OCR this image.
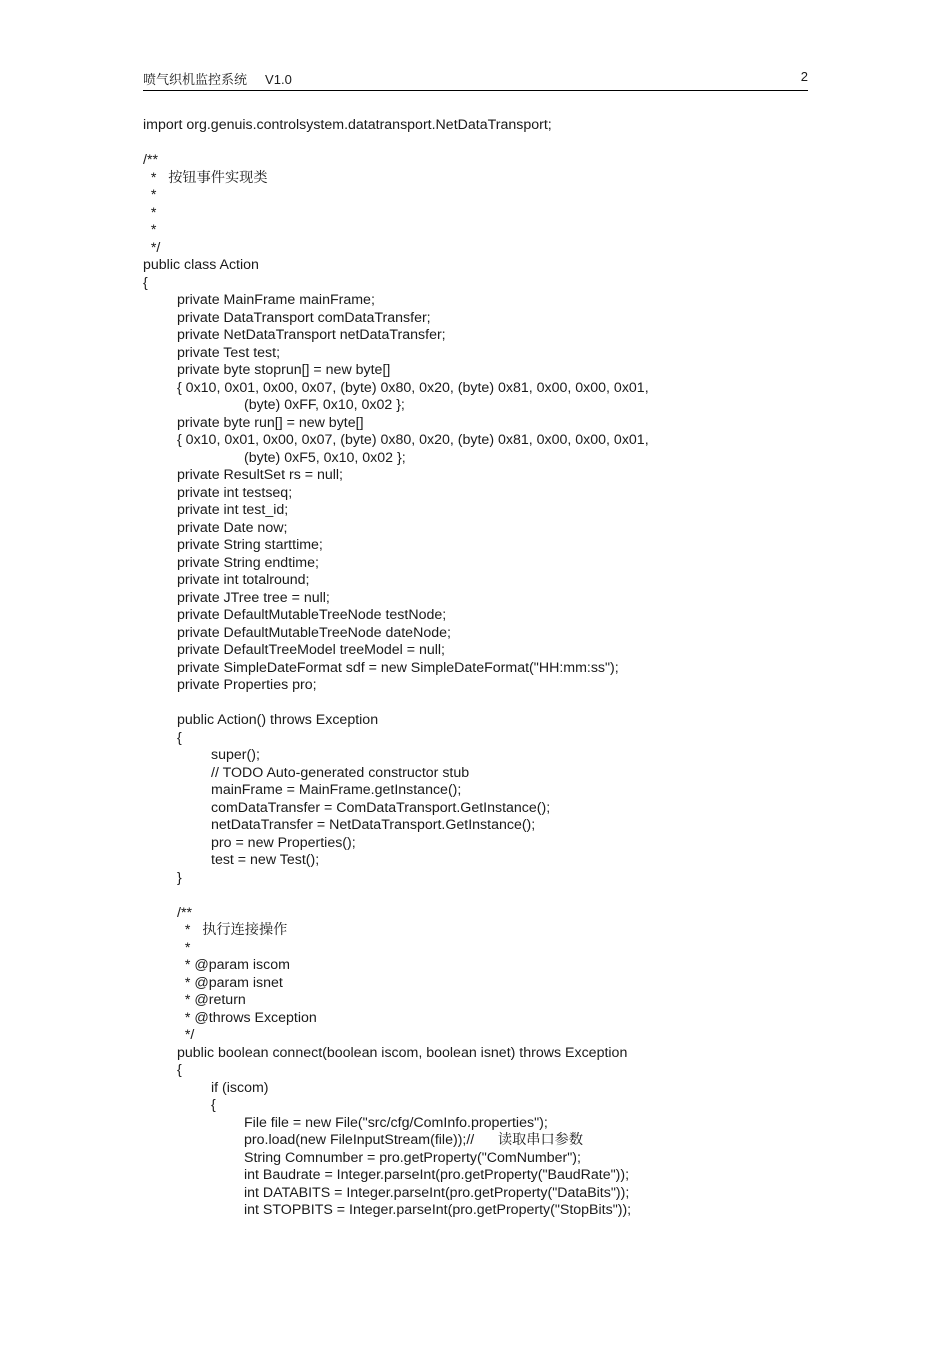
喷气织机监控系统     V1.0	2
import org.genuis.controlsystem.datatransport.NetDataTransport;
/**
*   按钮事件实现类
*
*
*
*/
public class Action
{
private MainFrame mainFrame;
private DataTransport comDataTransfer;
private NetDataTransport netDataTransfer;
private Test test;
private byte stoprun[] = new byte[]
{ 0x10, 0x01, 0x00, 0x07, (byte) 0x80, 0x20, (byte) 0x81, 0x00, 0x00, 0x01,
(byte) 0xFF, 0x10, 0x02 };
private byte run[] = new byte[]
{ 0x10, 0x01, 0x00, 0x07, (byte) 0x80, 0x20, (byte) 0x81, 0x00, 0x00, 0x01,
(byte) 0xF5, 0x10, 0x02 };
private ResultSet rs = null;
private int testseq;
private int test_id;
private Date now;
private String starttime;
private String endtime;
private int totalround;
private JTree tree = null;
private DefaultMutableTreeNode testNode;
private DefaultMutableTreeNode dateNode;
private DefaultTreeModel treeModel = null;
private SimpleDateFormat sdf = new SimpleDateFormat("HH:mm:ss");
private Properties pro;
public Action() throws Exception
{
super();
// TODO Auto-generated constructor stub
mainFrame = MainFrame.getInstance();
comDataTransfer = ComDataTransport.GetInstance();
netDataTransfer = NetDataTransport.GetInstance();
pro = new Properties();
test = new Test();
}
/**
*   执行连接操作
*
* @param iscom
* @param isnet
* @return
* @throws Exception
*/
public boolean connect(boolean iscom, boolean isnet) throws Exception
{
if (iscom)
{
File file = new File("src/cfg/ComInfo.properties");
pro.load(new FileInputStream(file));//      读取串口参数
String Comnumber = pro.getProperty("ComNumber");
int Baudrate = Integer.parseInt(pro.getProperty("BaudRate"));
int DATABITS = Integer.parseInt(pro.getProperty("DataBits"));
int STOPBITS = Integer.parseInt(pro.getProperty("StopBits"));
